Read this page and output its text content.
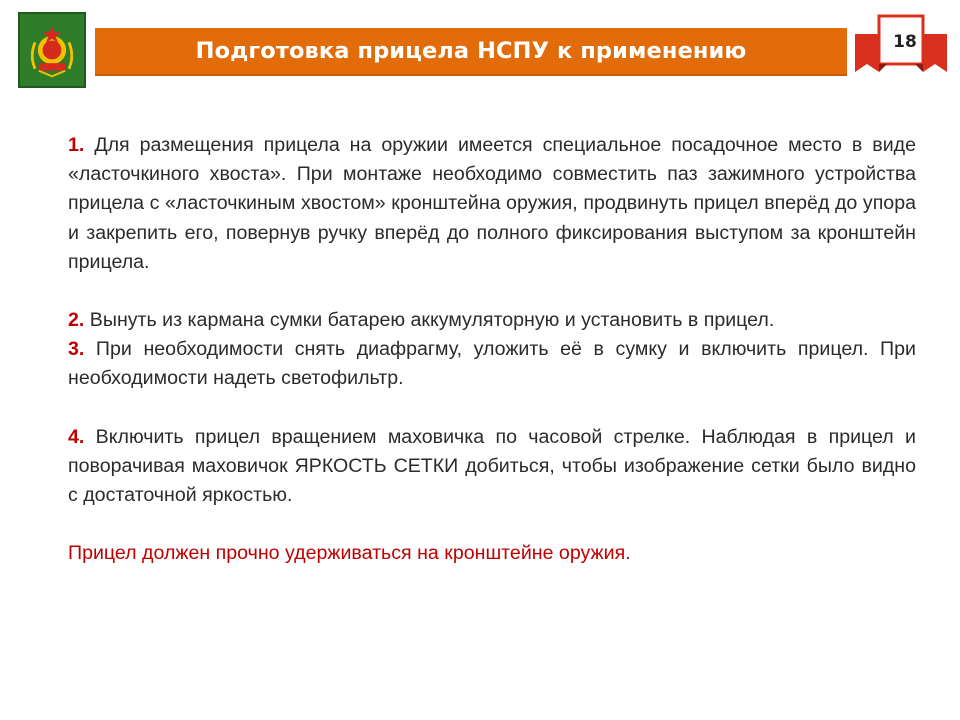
Подготовка прицела НСПУ к применению	18

1. Для размещения прицела на оружии имеется специальное посадочное место в виде «ласточкиного хвоста». При монтаже необходимо совместить паз зажимного устройства прицела с «ласточкиным хвостом» кронштейна оружия, продвинуть прицел вперёд до упора и закрепить его, повернув ручку вперёд до полного фиксирования выступом за кронштейн прицела.

2. Вынуть из кармана сумки батарею аккумуляторную и установить в прицел.

3. При необходимости снять диафрагму, уложить её в сумку и включить прицел. При необходимости надеть светофильтр.

4. Включить прицел вращением маховичка по часовой стрелке. Наблюдая в прицел и поворачивая маховичок ЯРКОСТЬ СЕТКИ добиться, чтобы изображение сетки было видно с достаточной яркостью.

Прицел должен прочно удерживаться на кронштейне оружия.
